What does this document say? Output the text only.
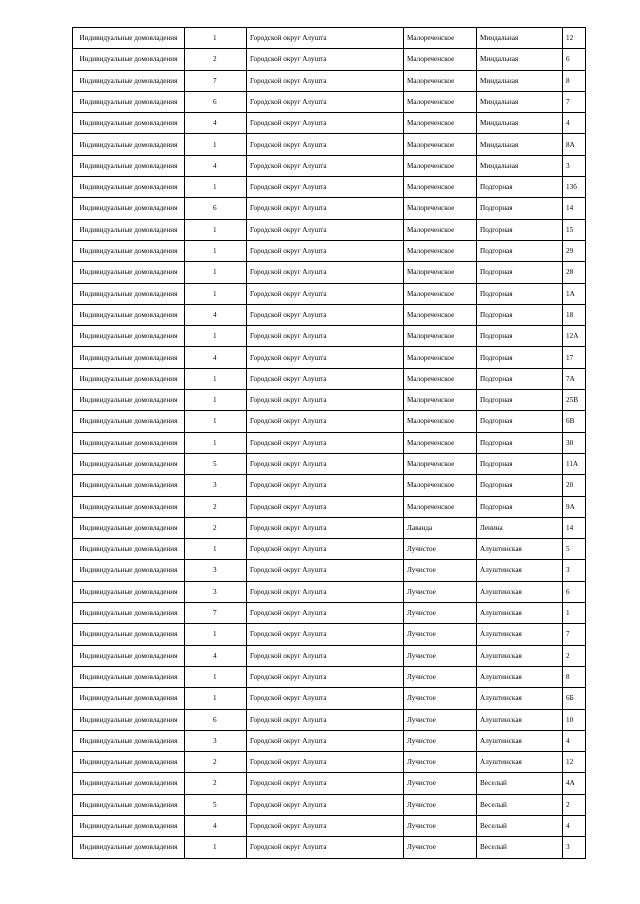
Индивидуальные домовладения	1	Городской округ Алушта	Малореченское	Миндальная	12
Индивидуальные домовладения	2	Городской округ Алушта	Малореченское	Миндальная	6
Индивидуальные домовладения	7	Городской округ Алушта	Малореченское	Миндальная	8
Индивидуальные домовладения	6	Городской округ Алушта	Малореченское	Миндальная	7
Индивидуальные домовладения	4	Городской округ Алушта	Малореченское	Миндальная	4
Индивидуальные домовладения	1	Городской округ Алушта	Малореченское	Миндальная	8А
Индивидуальные домовладения	4	Городской округ Алушта	Малореченское	Миндальная	3
Индивидуальные домовладения	1	Городской округ Алушта	Малореченское	Подгорная	13б
Индивидуальные домовладения	6	Городской округ Алушта	Малореченское	Подгорная	14
Индивидуальные домовладения	1	Городской округ Алушта	Малореченское	Подгорная	15
Индивидуальные домовладения	1	Городской округ Алушта	Малореченское	Подгорная	29
Индивидуальные домовладения	1	Городской округ Алушта	Малореченское	Подгорная	28
Индивидуальные домовладения	1	Городской округ Алушта	Малореченское	Подгорная	1А
Индивидуальные домовладения	4	Городской округ Алушта	Малореченское	Подгорная	18
Индивидуальные домовладения	1	Городской округ Алушта	Малореченское	Подгорная	12А
Индивидуальные домовладения	4	Городской округ Алушта	Малореченское	Подгорная	17
Индивидуальные домовладения	1	Городской округ Алушта	Малореченское	Подгорная	7А
Индивидуальные домовладения	1	Городской округ Алушта	Малореченское	Подгорная	25В
Индивидуальные домовладения	1	Городской округ Алушта	Малореченское	Подгорная	6В
Индивидуальные домовладения	1	Городской округ Алушта	Малореченское	Подгорная	30
Индивидуальные домовладения	5	Городской округ Алушта	Малореченское	Подгорная	11А
Индивидуальные домовладения	3	Городской округ Алушта	Малореченское	Подгорная	20
Индивидуальные домовладения	2	Городской округ Алушта	Малореченское	Подгорная	9А
Индивидуальные домовладения	2	Городской округ Алушта	Лаванда	Ленина	14
Индивидуальные домовладения	1	Городской округ Алушта	Лучистое	Алуштинская	5
Индивидуальные домовладения	3	Городской округ Алушта	Лучистое	Алуштинская	3
Индивидуальные домовладения	3	Городской округ Алушта	Лучистое	Алуштинская	6
Индивидуальные домовладения	7	Городской округ Алушта	Лучистое	Алуштинская	1
Индивидуальные домовладения	1	Городской округ Алушта	Лучистое	Алуштинская	7
Индивидуальные домовладения	4	Городской округ Алушта	Лучистое	Алуштинская	2
Индивидуальные домовладения	1	Городской округ Алушта	Лучистое	Алуштинская	8
Индивидуальные домовладения	1	Городской округ Алушта	Лучистое	Алуштинская	6Б
Индивидуальные домовладения	6	Городской округ Алушта	Лучистое	Алуштинская	10
Индивидуальные домовладения	3	Городской округ Алушта	Лучистое	Алуштинская	4
Индивидуальные домовладения	2	Городской округ Алушта	Лучистое	Алуштинская	12
Индивидуальные домовладения	2	Городской округ Алушта	Лучистое	Веселый	4А
Индивидуальные домовладения	5	Городской округ Алушта	Лучистое	Веселый	2
Индивидуальные домовладения	4	Городской округ Алушта	Лучистое	Веселый	4
Индивидуальные домовладения	1	Городской округ Алушта	Лучистое	Веселый	3
